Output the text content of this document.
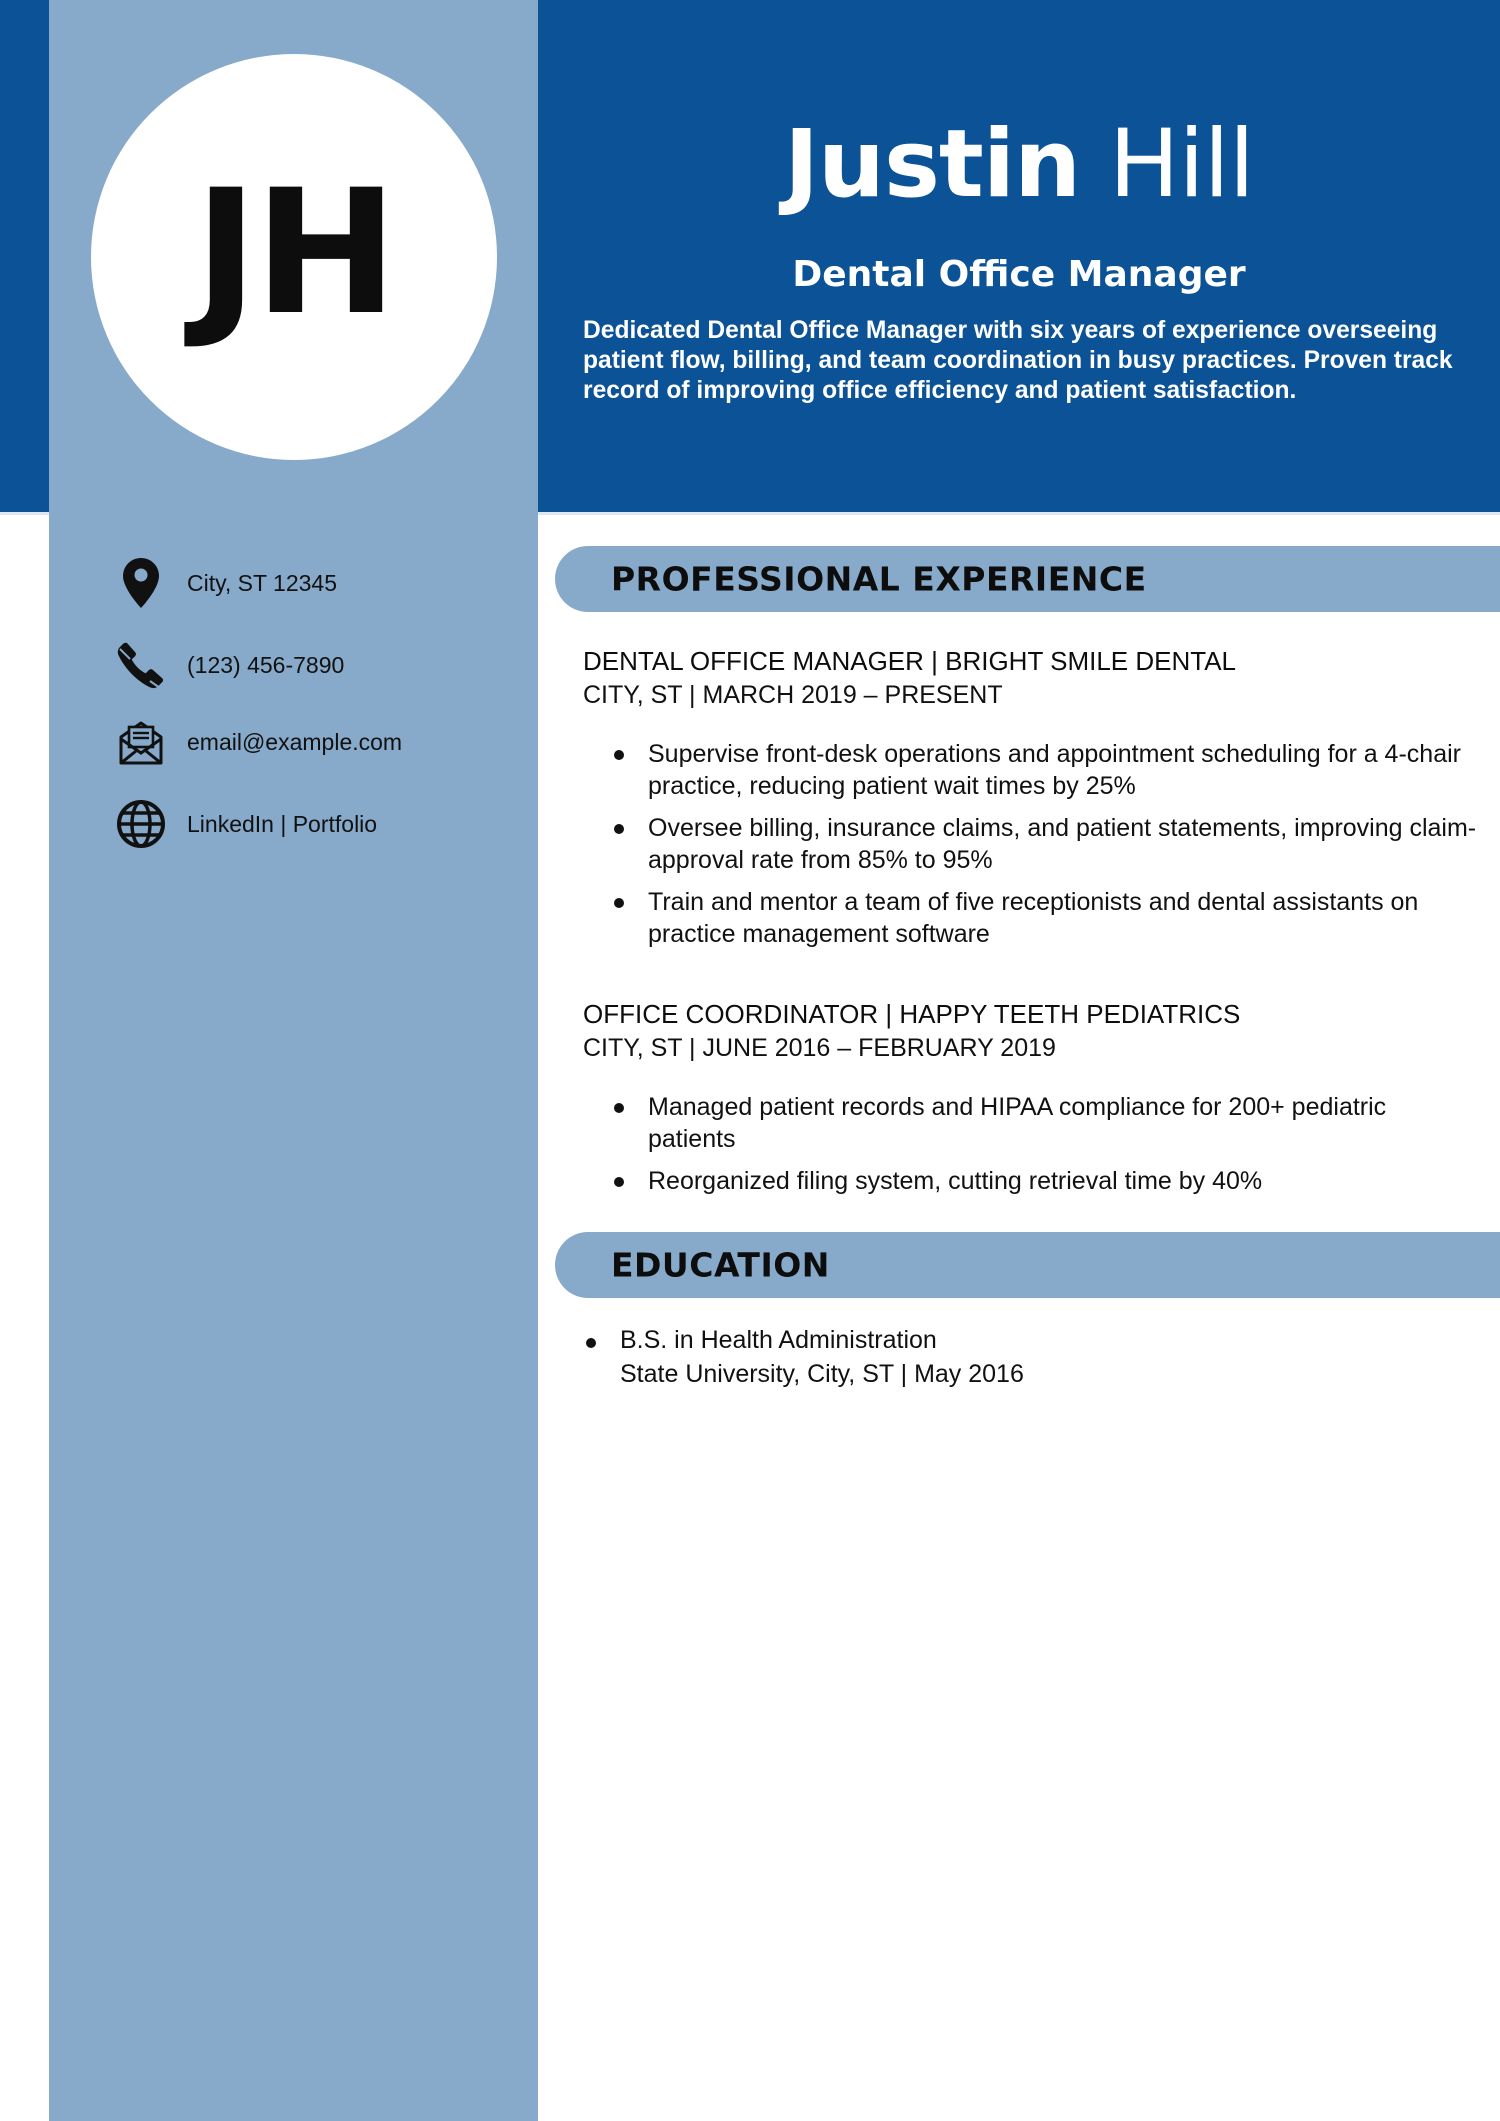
JH	Justin Hill
Dental Office Manager
Dedicated Dental Office Manager with six years of experience overseeing patient flow, billing, and team coordination in busy practices. Proven track record of improving office efficiency and patient satisfaction.
City, ST 12345
(123) 456-7890
email@example.com
LinkedIn | Portfolio
PROFESSIONAL EXPERIENCE
DENTAL OFFICE MANAGER | BRIGHT SMILE DENTAL
CITY, ST | MARCH 2019 – PRESENT
Supervise front-desk operations and appointment scheduling for a 4-chair practice, reducing patient wait times by 25%
Oversee billing, insurance claims, and patient statements, improving claim-approval rate from 85% to 95%
Train and mentor a team of five receptionists and dental assistants on practice management software
OFFICE COORDINATOR | HAPPY TEETH PEDIATRICS
CITY, ST | JUNE 2016 – FEBRUARY 2019
Managed patient records and HIPAA compliance for 200+ pediatric patients
Reorganized filing system, cutting retrieval time by 40%
EDUCATION
B.S. in Health Administration
State University, City, ST | May 2016
